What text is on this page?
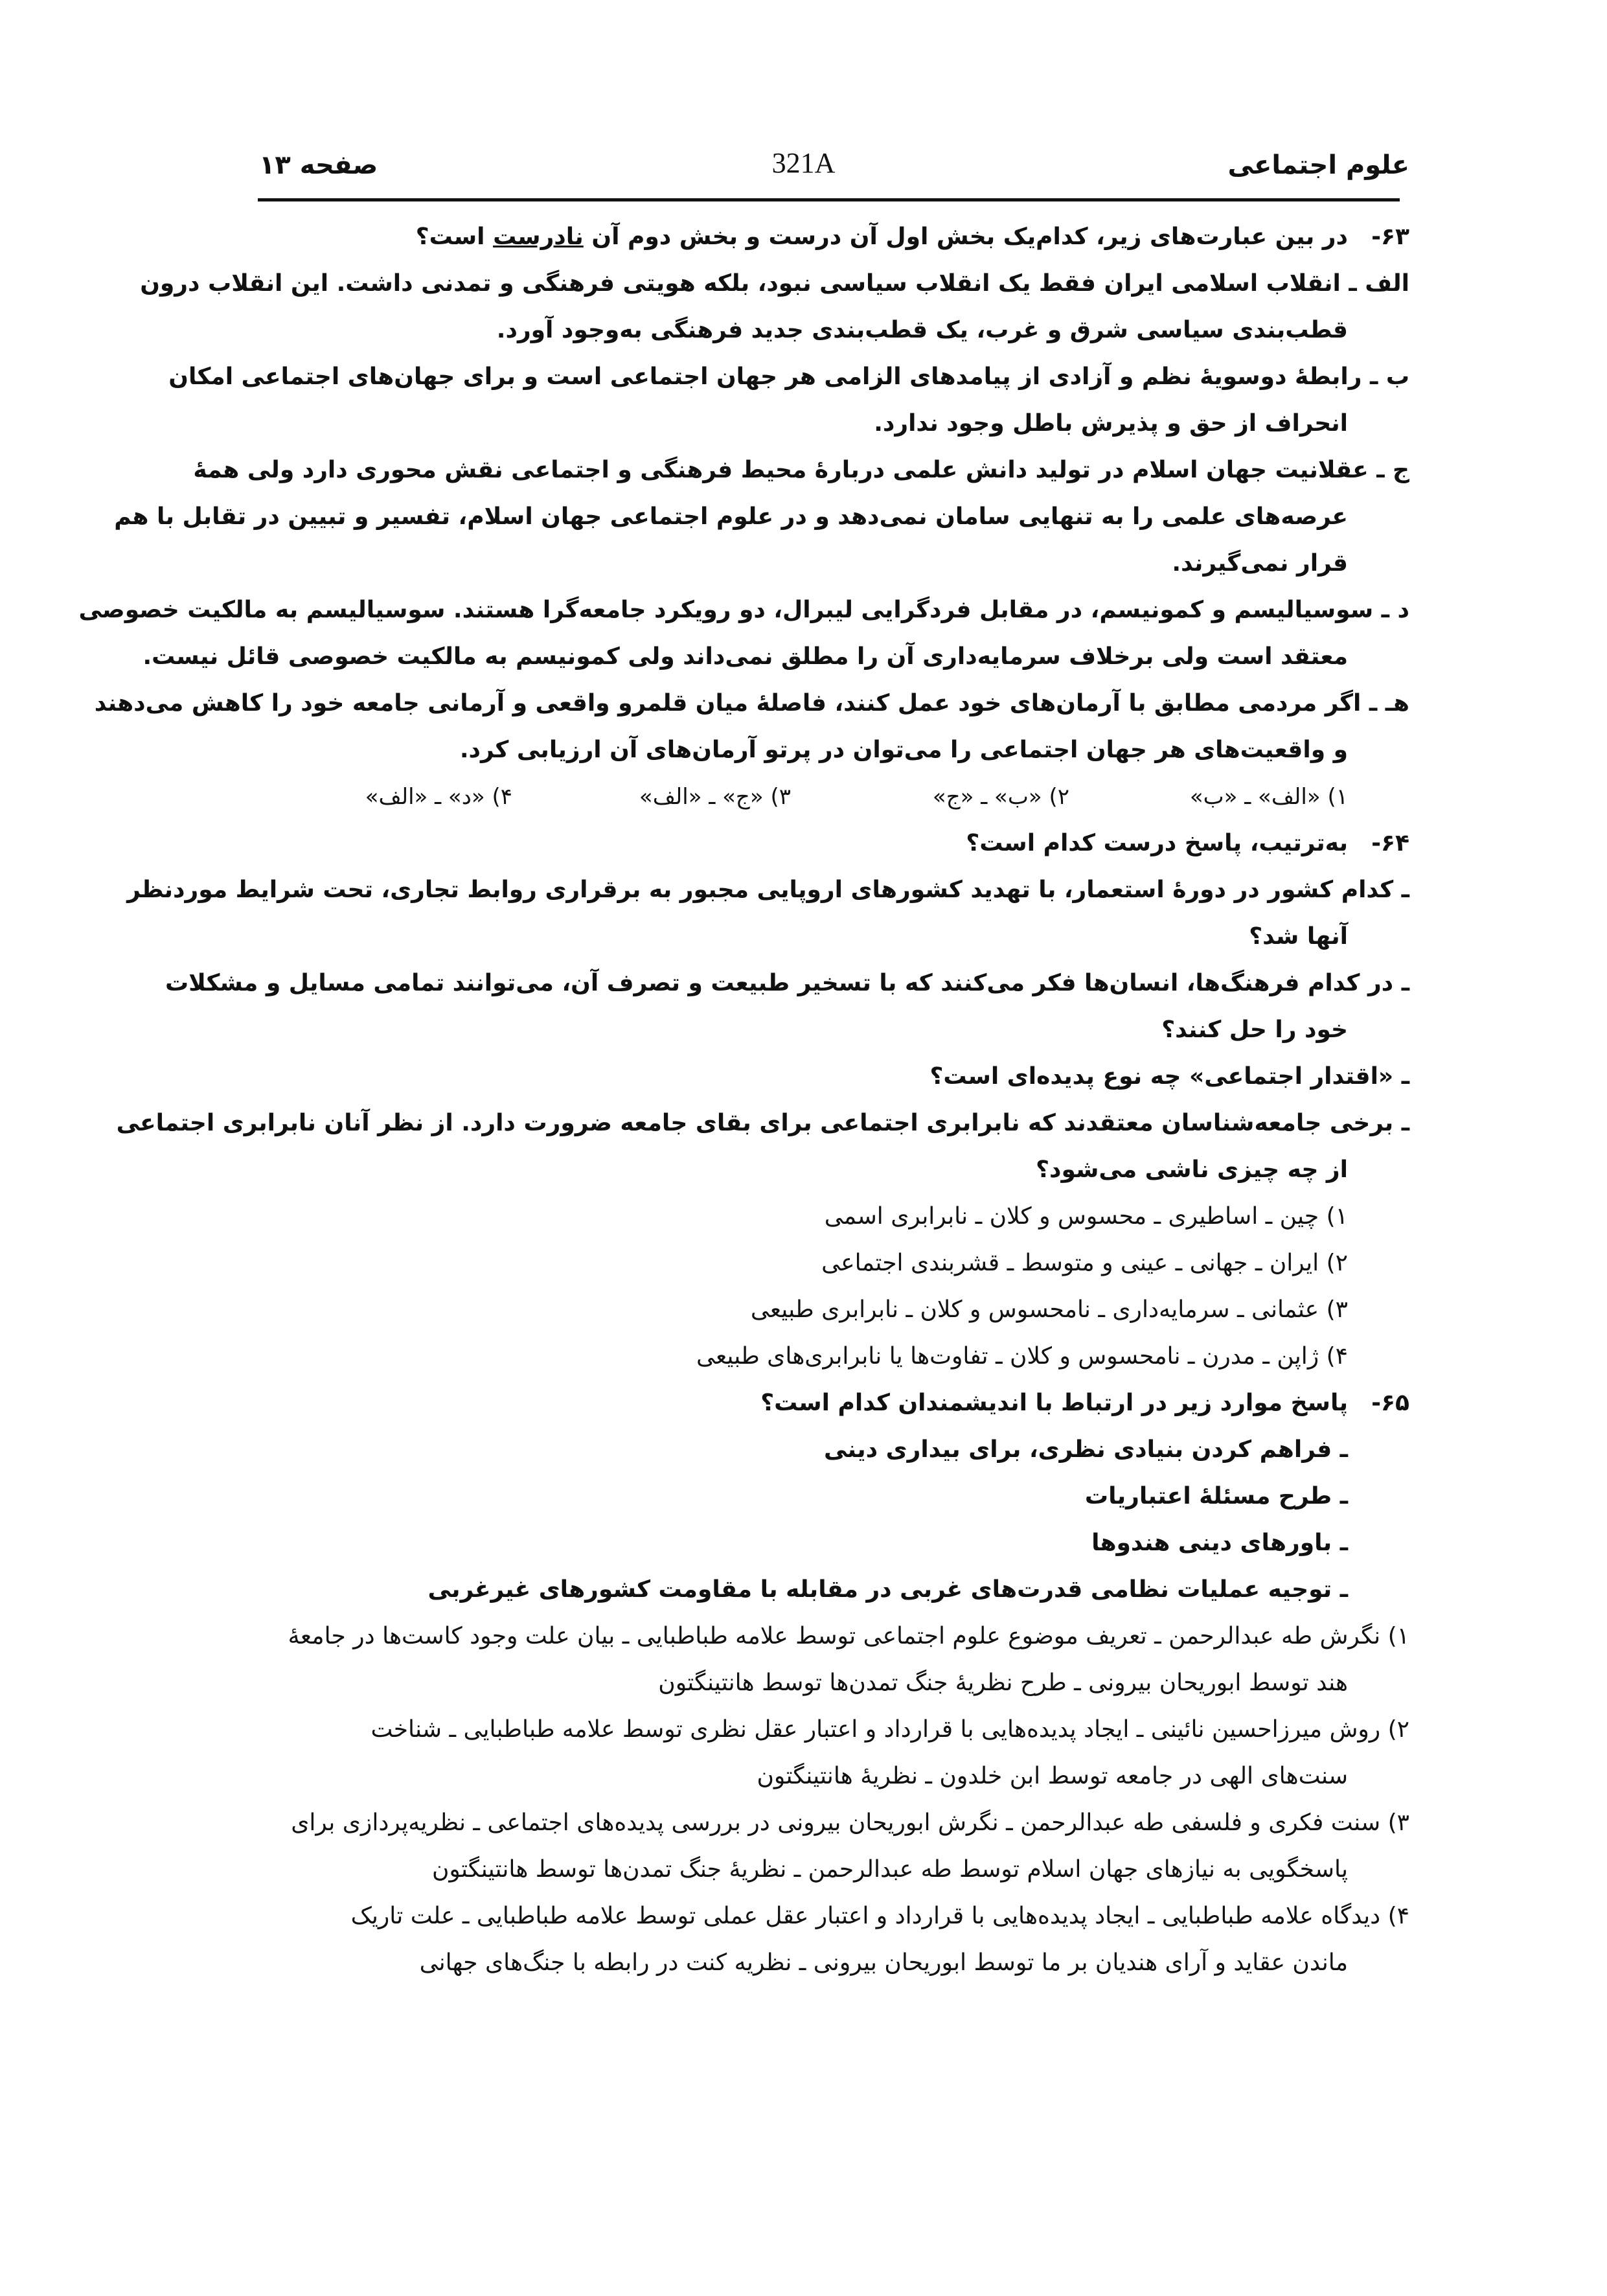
علوم اجتماعی
321A
صفحه ۱۳
۶۳-
در بین عبارت‌های زیر، کدام‌یک بخش اول آن درست و بخش دوم آن نادرست است؟
الف ـ انقلاب اسلامی ایران فقط یک انقلاب سیاسی نبود، بلکه هویتی فرهنگی و تمدنی داشت. این انقلاب درون
قطب‌بندی سیاسی شرق و غرب، یک قطب‌بندی جدید فرهنگی به‌وجود آورد.
ب ـ رابطهٔ دوسویهٔ نظم و آزادی از پیامدهای الزامی هر جهان اجتماعی است و برای جهان‌های اجتماعی امکان
انحراف از حق و پذیرش باطل وجود ندارد.
ج ـ عقلانیت جهان اسلام در تولید دانش علمی دربارهٔ محیط فرهنگی و اجتماعی نقش محوری دارد ولی همهٔ
عرصه‌های علمی را به تنهایی سامان نمی‌دهد و در علوم اجتماعی جهان اسلام، تفسیر و تبیین در تقابل با هم
قرار نمی‌گیرند.
د ـ سوسیالیسم و کمونیسم، در مقابل فردگرایی لیبرال، دو رویکرد جامعه‌گرا هستند. سوسیالیسم به مالکیت خصوصی
معتقد است ولی برخلاف سرمایه‌داری آن را مطلق نمی‌داند ولی کمونیسم به مالکیت خصوصی قائل نیست.
هـ ـ اگر مردمی مطابق با آرمان‌های خود عمل کنند، فاصلهٔ میان قلمرو واقعی و آرمانی جامعه خود را کاهش می‌دهند
و واقعیت‌های هر جهان اجتماعی را می‌توان در پرتو آرمان‌های آن ارزیابی کرد.
۱) «الف» ـ «ب»
۲) «ب» ـ «ج»
۳) «ج» ـ «الف»
۴) «د» ـ «الف»
۶۴-
به‌ترتیب، پاسخ درست کدام است؟
ـ کدام کشور در دورهٔ استعمار، با تهدید کشورهای اروپایی مجبور به برقراری روابط تجاری، تحت شرایط موردنظر
آنها شد؟
ـ در کدام فرهنگ‌ها، انسان‌ها فکر می‌کنند که با تسخیر طبیعت و تصرف آن، می‌توانند تمامی مسایل و مشکلات
خود را حل کنند؟
ـ «اقتدار اجتماعی» چه نوع پدیده‌ای است؟
ـ برخی جامعه‌شناسان معتقدند که نابرابری اجتماعی برای بقای جامعه ضرورت دارد. از نظر آنان نابرابری اجتماعی
از چه چیزی ناشی می‌شود؟
۱) چین ـ اساطیری ـ محسوس و کلان ـ نابرابری اسمی
۲) ایران ـ جهانی ـ عینی و متوسط ـ قشربندی اجتماعی
۳) عثمانی ـ سرمایه‌داری ـ نامحسوس و کلان ـ نابرابری طبیعی
۴) ژاپن ـ مدرن ـ نامحسوس و کلان ـ تفاوت‌ها یا نابرابری‌های طبیعی
۶۵-
پاسخ موارد زیر در ارتباط با اندیشمندان کدام است؟
ـ فراهم کردن بنیادی نظری، برای بیداری دینی
ـ طرح مسئلهٔ اعتباریات
ـ باورهای دینی هندوها
ـ توجیه عملیات نظامی قدرت‌های غربی در مقابله با مقاومت کشورهای غیرغربی
۱) نگرش طه عبدالرحمن ـ تعریف موضوع علوم اجتماعی توسط علامه طباطبایی ـ بیان علت وجود کاست‌ها در جامعهٔ
هند توسط ابوریحان بیرونی ـ طرح نظریهٔ جنگ تمدن‌ها توسط هانتینگتون
۲) روش میرزاحسین نائینی ـ ایجاد پدیده‌هایی با قرارداد و اعتبار عقل نظری توسط علامه طباطبایی ـ شناخت
سنت‌های الهی در جامعه توسط ابن خلدون ـ نظریهٔ هانتینگتون
۳) سنت فکری و فلسفی طه عبدالرحمن ـ نگرش ابوریحان بیرونی در بررسی پدیده‌های اجتماعی ـ نظریه‌پردازی برای
پاسخگویی به نیازهای جهان اسلام توسط طه عبدالرحمن ـ نظریهٔ جنگ تمدن‌ها توسط هانتینگتون
۴) دیدگاه علامه طباطبایی ـ ایجاد پدیده‌هایی با قرارداد و اعتبار عقل عملی توسط علامه طباطبایی ـ علت تاریک
ماندن عقاید و آرای هندیان بر ما توسط ابوریحان بیرونی ـ نظریه کنت در رابطه با جنگ‌های جهانی
